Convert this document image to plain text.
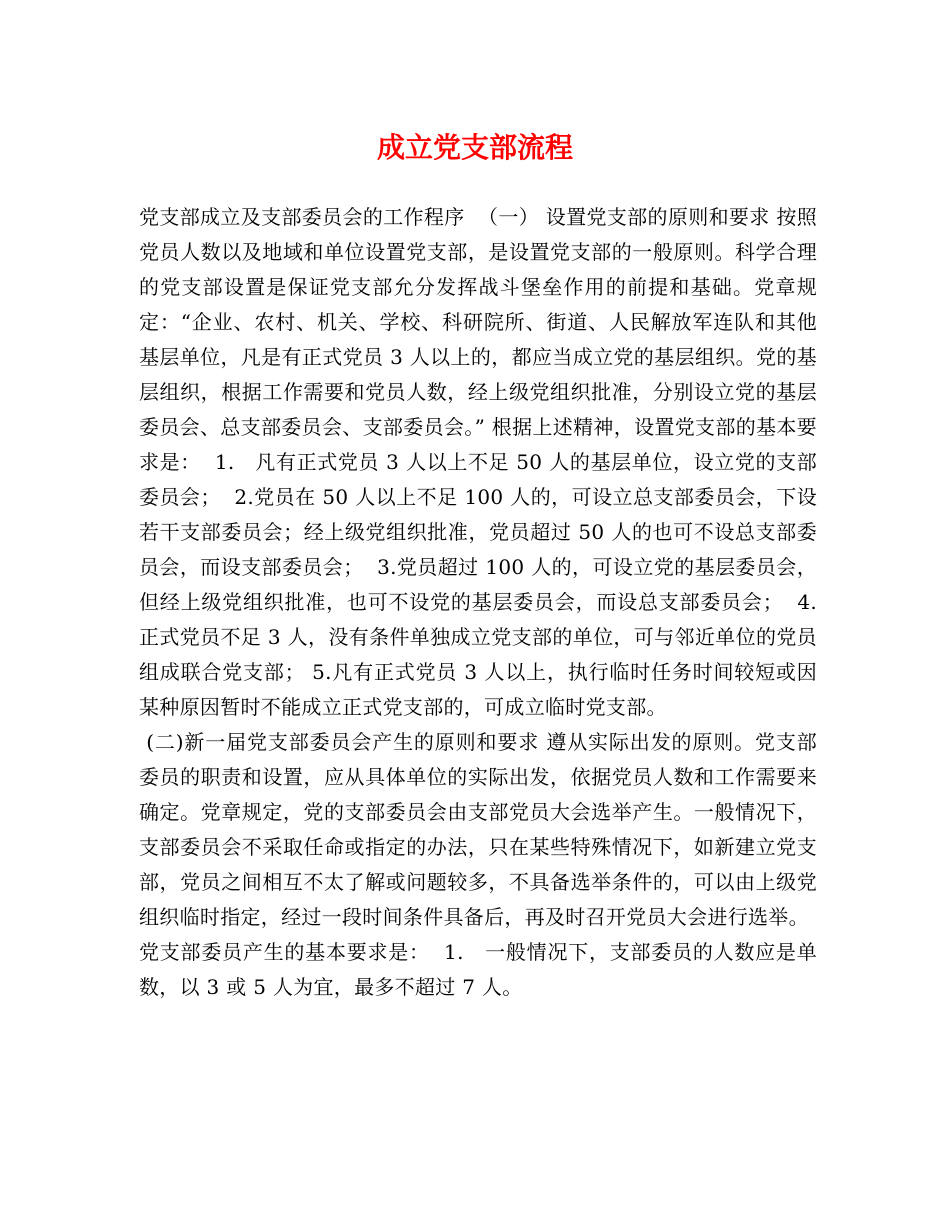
成立党支部流程

党支部成立及支部委员会的工作程序  （一） 设置党支部的原则和要求 按照党员人数以及地域和单位设置党支部，是设置党支部的一般原则。科学合理的党支部设置是保证党支部允分发挥战斗堡垒作用的前提和基础。党章规定：“企业、农村、机关、学校、科研院所、街道、人民解放军连队和其他基层单位，凡是有正式党员 3 人以上的，都应当成立党的基层组织。党的基层组织，根据工作需要和党员人数，经上级党组织批准，分别设立党的基层委员会、总支部委员会、支部委员会。” 根据上述精神，设置党支部的基本要求是：  1.   凡有正式党员 3 人以上不足 50 人的基层单位，设立党的支部委员会；  2.党员在 50 人以上不足 100 人的，可设立总支部委员会，下设若干支部委员会；经上级党组织批准，党员超过 50 人的也可不设总支部委员会，而设支部委员会；  3.党员超过 100 人的，可设立党的基层委员会，但经上级党组织批准，也可不设党的基层委员会，而设总支部委员会；  4.正式党员不足 3 人，没有条件单独成立党支部的单位，可与邻近单位的党员组成联合党支部； 5.凡有正式党员 3 人以上，执行临时任务时间较短或因某种原因暂时不能成立正式党支部的，可成立临时党支部。

(二)新一届党支部委员会产生的原则和要求 遵从实际出发的原则。党支部委员的职责和设置，应从具体单位的实际出发，依据党员人数和工作需要来确定。党章规定，党的支部委员会由支部党员大会选举产生。一般情况下，支部委员会不采取任命或指定的办法，只在某些特殊情况下，如新建立党支部，党员之间相互不太了解或问题较多，不具备选举条件的，可以由上级党组织临时指定，经过一段时间条件具备后，再及时召开党员大会进行选举。

党支部委员产生的基本要求是：  1.   一般情况下，支部委员的人数应是单数，以 3 或 5 人为宜，最多不超过 7 人。
